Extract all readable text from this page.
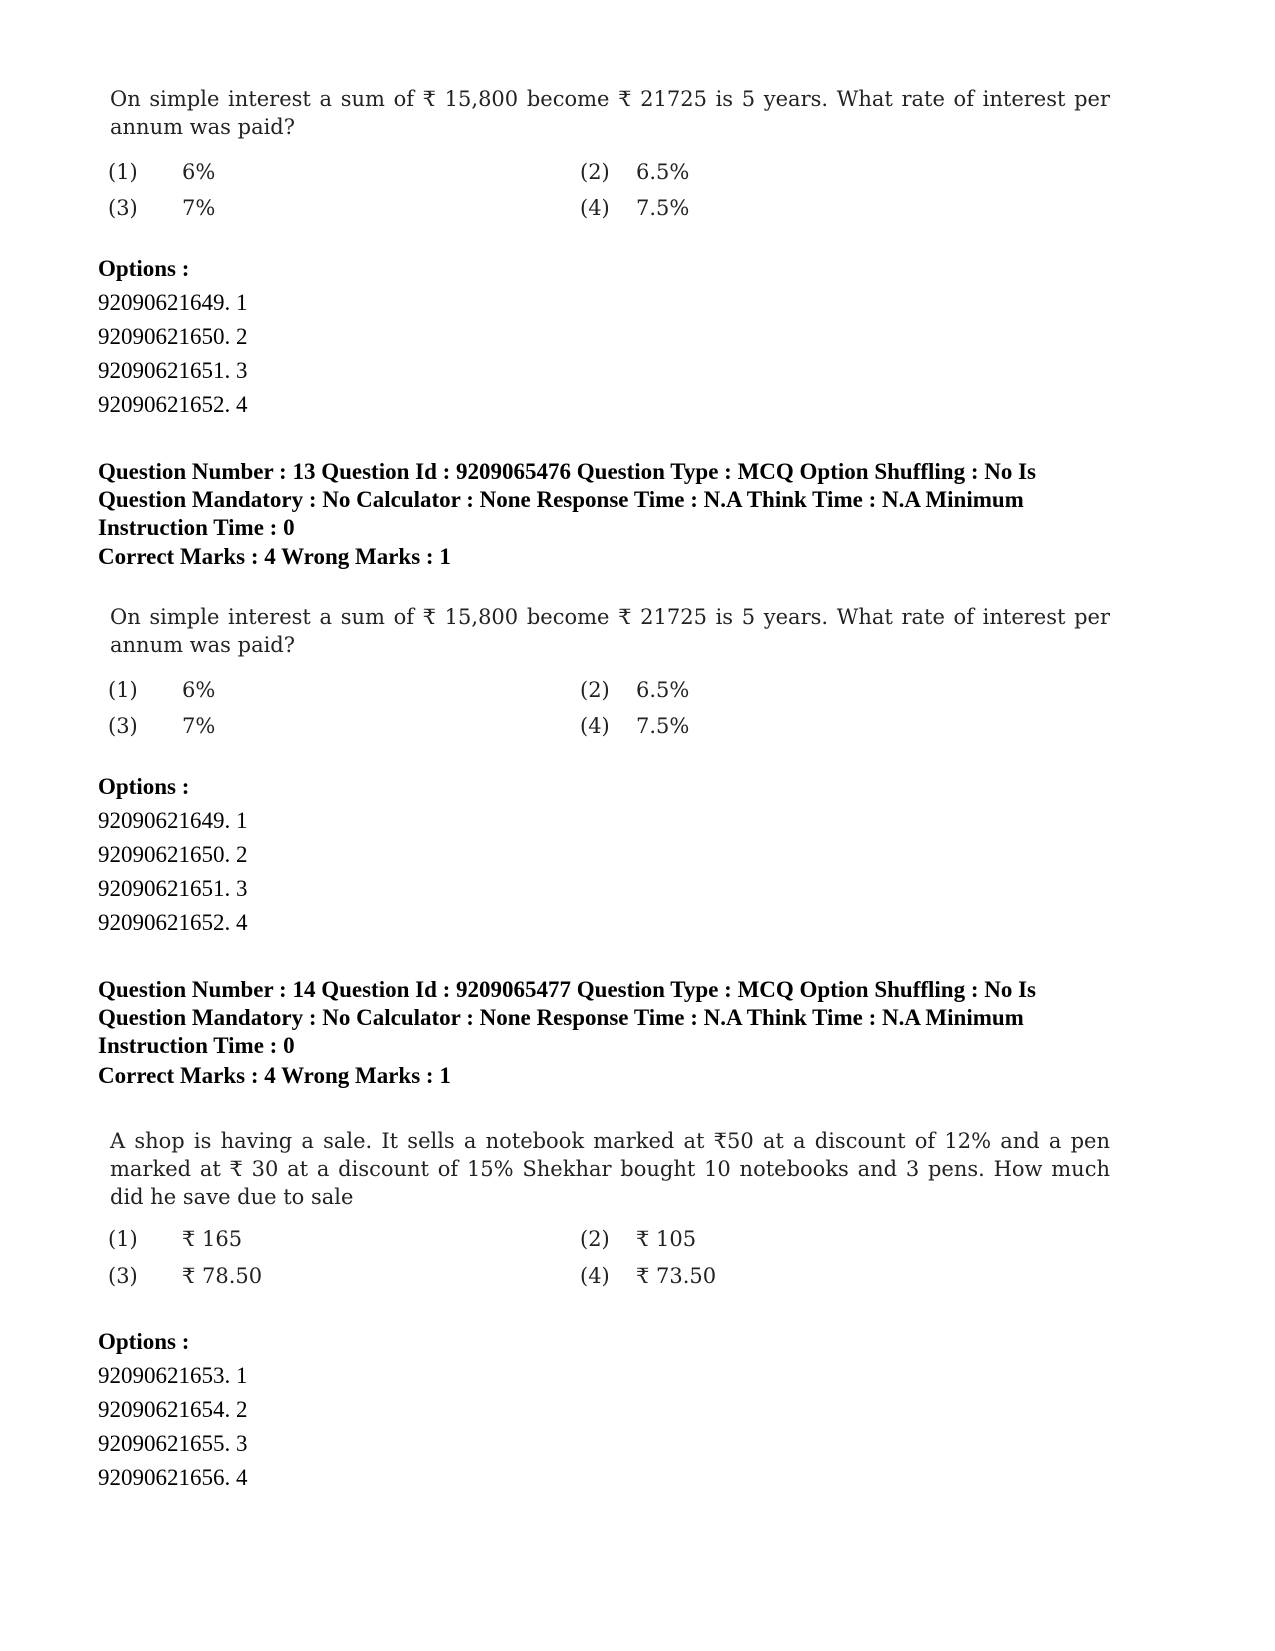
On simple interest a sum of ₹ 15,800 become ₹ 21725 is 5 years. What rate of interest per annum was paid?
(1) 6%	(2) 6.5%
(3) 7%	(4) 7.5%
Options :
92090621649. 1
92090621650. 2
92090621651. 3
92090621652. 4
Question Number : 13 Question Id : 9209065476 Question Type : MCQ Option Shuffling : No Is Question Mandatory : No Calculator : None Response Time : N.A Think Time : N.A Minimum Instruction Time : 0
Correct Marks : 4 Wrong Marks : 1
On simple interest a sum of ₹ 15,800 become ₹ 21725 is 5 years. What rate of interest per annum was paid?
(1) 6%	(2) 6.5%
(3) 7%	(4) 7.5%
Options :
92090621649. 1
92090621650. 2
92090621651. 3
92090621652. 4
Question Number : 14 Question Id : 9209065477 Question Type : MCQ Option Shuffling : No Is Question Mandatory : No Calculator : None Response Time : N.A Think Time : N.A Minimum Instruction Time : 0
Correct Marks : 4 Wrong Marks : 1
A shop is having a sale. It sells a notebook marked at ₹50 at a discount of 12% and a pen marked at ₹ 30 at a discount of 15% Shekhar bought 10 notebooks and 3 pens. How much did he save due to sale
(1) ₹ 165	(2) ₹ 105
(3) ₹ 78.50	(4) ₹ 73.50
Options :
92090621653. 1
92090621654. 2
92090621655. 3
92090621656. 4
